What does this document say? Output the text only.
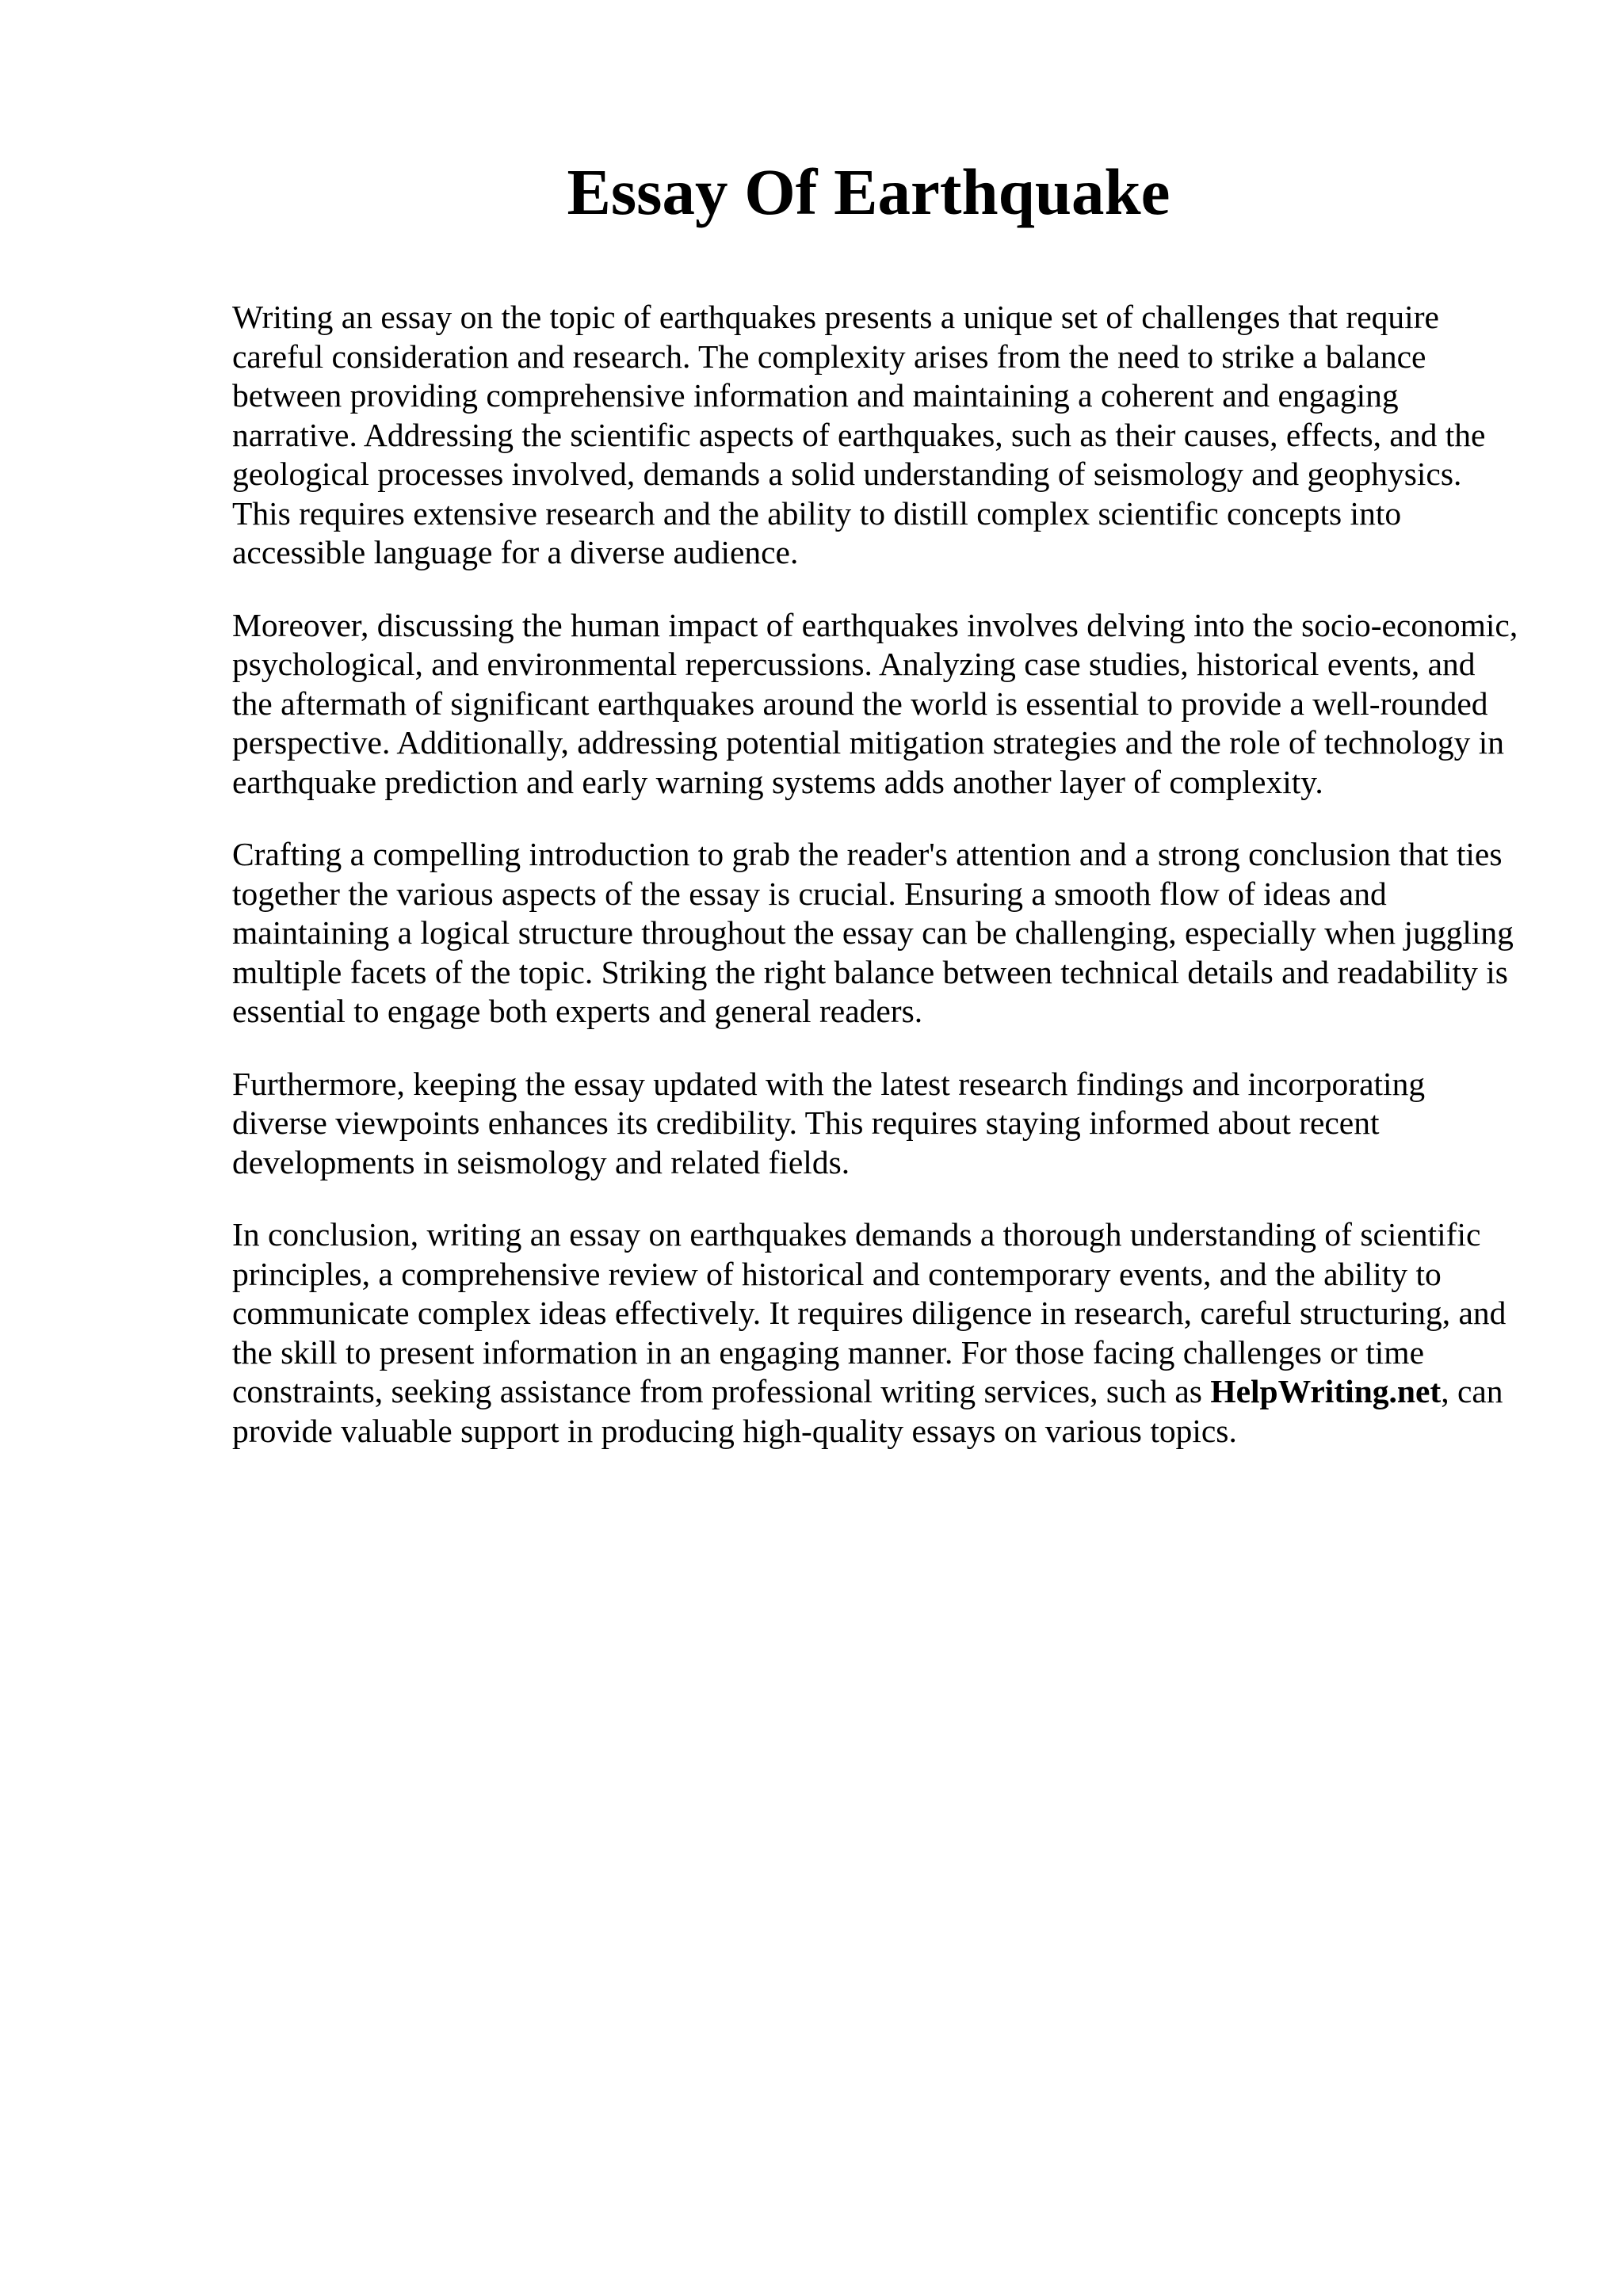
Essay Of Earthquake

Writing an essay on the topic of earthquakes presents a unique set of challenges that require
careful consideration and research. The complexity arises from the need to strike a balance
between providing comprehensive information and maintaining a coherent and engaging
narrative. Addressing the scientific aspects of earthquakes, such as their causes, effects, and the
geological processes involved, demands a solid understanding of seismology and geophysics.
This requires extensive research and the ability to distill complex scientific concepts into
accessible language for a diverse audience.

Moreover, discussing the human impact of earthquakes involves delving into the socio-economic,
psychological, and environmental repercussions. Analyzing case studies, historical events, and
the aftermath of significant earthquakes around the world is essential to provide a well-rounded
perspective. Additionally, addressing potential mitigation strategies and the role of technology in
earthquake prediction and early warning systems adds another layer of complexity.

Crafting a compelling introduction to grab the reader's attention and a strong conclusion that ties
together the various aspects of the essay is crucial. Ensuring a smooth flow of ideas and
maintaining a logical structure throughout the essay can be challenging, especially when juggling
multiple facets of the topic. Striking the right balance between technical details and readability is
essential to engage both experts and general readers.

Furthermore, keeping the essay updated with the latest research findings and incorporating
diverse viewpoints enhances its credibility. This requires staying informed about recent
developments in seismology and related fields.

In conclusion, writing an essay on earthquakes demands a thorough understanding of scientific
principles, a comprehensive review of historical and contemporary events, and the ability to
communicate complex ideas effectively. It requires diligence in research, careful structuring, and
the skill to present information in an engaging manner. For those facing challenges or time
constraints, seeking assistance from professional writing services, such as HelpWriting.net, can
provide valuable support in producing high-quality essays on various topics.
